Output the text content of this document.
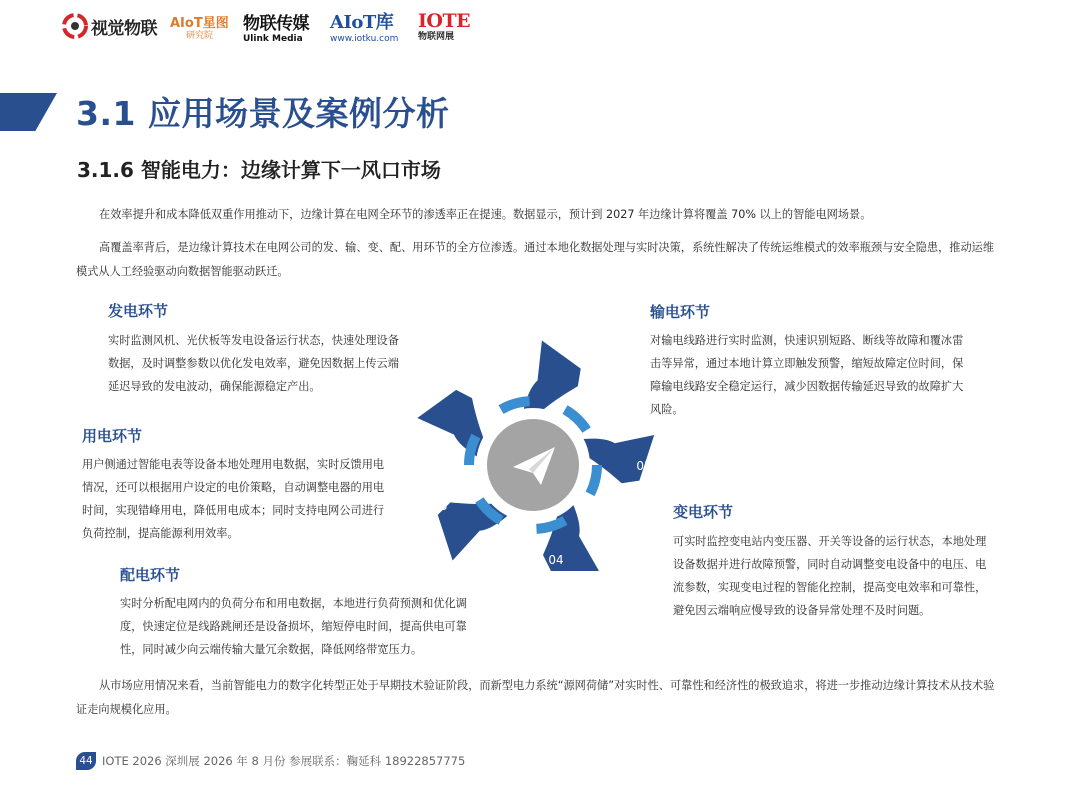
视觉物联 AIoT星图
研究院
物联传媒
Ulink Media
AIoT库
www.iotku.com
IOTE
物联网展
3.1 应用场景及案例分析
3.1.6 智能电力：边缘计算下一风口市场
在效率提升和成本降低双重作用推动下，边缘计算在电网全环节的渗透率正在提速。数据显示，预计到 2027 年边缘计算将覆盖 70% 以上的智能电网场景。
高覆盖率背后，是边缘计算技术在电网公司的发、输、变、配、用环节的全方位渗透。通过本地化数据处理与实时决策，系统性解决了传统运维模式的效率瓶颈与安全隐患，推动运维模式从人工经验驱动向数据智能驱动跃迁。
发电环节
实时监测风机、光伏板等发电设备运行状态，快速处理设备数据，及时调整参数以优化发电效率，避免因数据上传云端延迟导致的发电波动，确保能源稳定产出。
输电环节
对输电线路进行实时监测，快速识别短路、断线等故障和覆冰雷击等异常，通过本地计算立即触发预警，缩短故障定位时间，保障输电线路安全稳定运行，减少因数据传输延迟导致的故障扩大风险。
用电环节
用户侧通过智能电表等设备本地处理用电数据，实时反馈用电情况，还可以根据用户设定的电价策略，自动调整电器的用电时间，实现错峰用电，降低用电成本；同时支持电网公司进行负荷控制，提高能源利用效率。
变电环节
可实时监控变电站内变压器、开关等设备的运行状态，本地处理设备数据并进行故障预警，同时自动调整变电设备中的电压、电流参数，实现变电过程的智能化控制，提高变电效率和可靠性，避免因云端响应慢导致的设备异常处理不及时问题。
配电环节
实时分析配电网内的负荷分布和用电数据，本地进行负荷预测和优化调度，快速定位是线路跳闸还是设备损坏，缩短停电时间，提高供电可靠性，同时减少向云端传输大量冗余数据，降低网络带宽压力。
01
02
03
04
05
从市场应用情况来看，当前智能电力的数字化转型正处于早期技术验证阶段，而新型电力系统“源网荷储”对实时性、可靠性和经济性的极致追求，将进一步推动边缘计算技术从技术验证走向规模化应用。
44 IOTE 2026 深圳展 2026 年 8 月份 参展联系：鞠延科 18922857775
